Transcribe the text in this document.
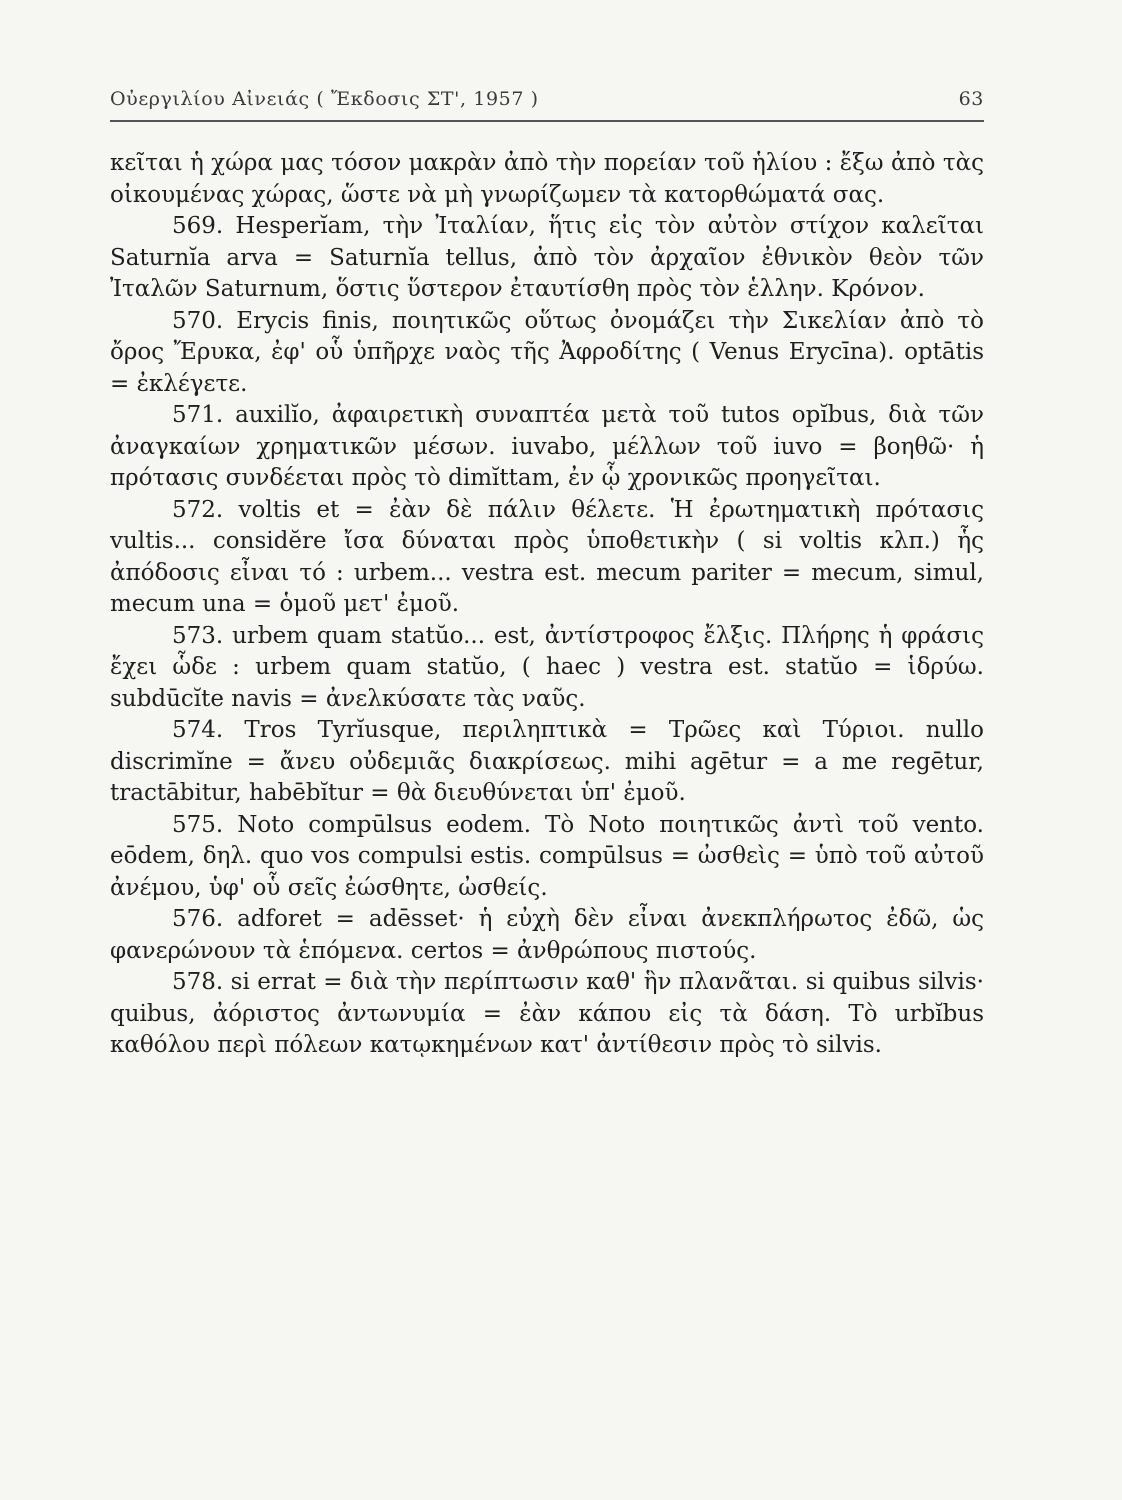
Οὐεργιλίου Αἰνειάς ( Ἔκδοσις ΣΤ', 1957 )	63

κεῖται ἡ χώρα μας τόσον μακρὰν ἀπὸ τὴν πορείαν τοῦ ἡλίου : ἔξω ἀπὸ τὰς οἰκουμένας χώρας, ὥστε νὰ μὴ γνωρίζωμεν τὰ κατορθώματά σας.

569. Hesperĭam, τὴν Ἰταλίαν, ἥτις εἰς τὸν αὐτὸν στίχον καλεῖται Saturnĭa arva = Saturnĭa tellus, ἀπὸ τὸν ἀρχαῖον ἐθνικὸν θεὸν τῶν Ἰταλῶν Saturnum, ὅστις ὕστερον ἐταυτίσθη πρὸς τὸν ἑλλην. Κρόνον.

570. Erycis finis, ποιητικῶς οὕτως ὀνομάζει τὴν Σικελίαν ἀπὸ τὸ ὄρος Ἔρυκα, ἐφ' οὗ ὑπῆρχε ναὸς τῆς Ἀφροδίτης ( Venus Erycīna). optātis = ἐκλέγετε.

571. auxilĭo, ἀφαιρετικὴ συναπτέα μετὰ τοῦ tutos opĭbus, διὰ τῶν ἀναγκαίων χρηματικῶν μέσων. iuvabo, μέλλων τοῦ iuvo = βοηθῶ· ἡ πρότασις συνδέεται πρὸς τὸ dimĭttam, ἐν ᾧ χρονικῶς προηγεῖται.

572. voltis et = ἐὰν δὲ πάλιν θέλετε. Ἡ ἐρωτηματικὴ πρότασις vultis... considĕre ἴσα δύναται πρὸς ὑποθετικὴν ( si voltis κλπ.) ἧς ἀπόδοσις εἶναι τό : urbem... vestra est. mecum pariter = mecum, simul, mecum una = ὁμοῦ μετ' ἐμοῦ.

573. urbem quam statŭo... est, ἀντίστροφος ἔλξις. Πλήρης ἡ φράσις ἔχει ὧδε : urbem quam statŭo, ( haec ) vestra est. statŭo = ἱδρύω. subdūcĭte navis = ἀνελκύσατε τὰς ναῦς.

574. Tros Tyrĭusque, περιληπτικὰ = Τρῶες καὶ Τύριοι. nullo discrimĭne = ἄνευ οὐδεμιᾶς διακρίσεως. mihi agētur = a me regētur, tractābitur, habēbĭtur = θὰ διευθύνεται ὑπ' ἐμοῦ.

575. Noto compūlsus eodem. Τὸ Noto ποιητικῶς ἀντὶ τοῦ vento. eōdem, δηλ. quo vos compulsi estis. compūlsus = ὠσθεὶς = ὑπὸ τοῦ αὐτοῦ ἀνέμου, ὑφ' οὗ σεῖς ἐώσθητε, ὠσθείς.

576. adforet = adēsset· ἡ εὐχὴ δὲν εἶναι ἀνεκπλήρωτος ἐδῶ, ὡς φανερώνουν τὰ ἑπόμενα. certos = ἀνθρώπους πιστούς.

578. si errat = διὰ τὴν περίπτωσιν καθ' ἣν πλανᾶται. si quibus silvis· quibus, ἀόριστος ἀντωνυμία = ἐὰν κάπου εἰς τὰ δάση. Τὸ urbĭbus καθόλου περὶ πόλεων κατῳκημένων κατ' ἀντίθεσιν πρὸς τὸ silvis.
